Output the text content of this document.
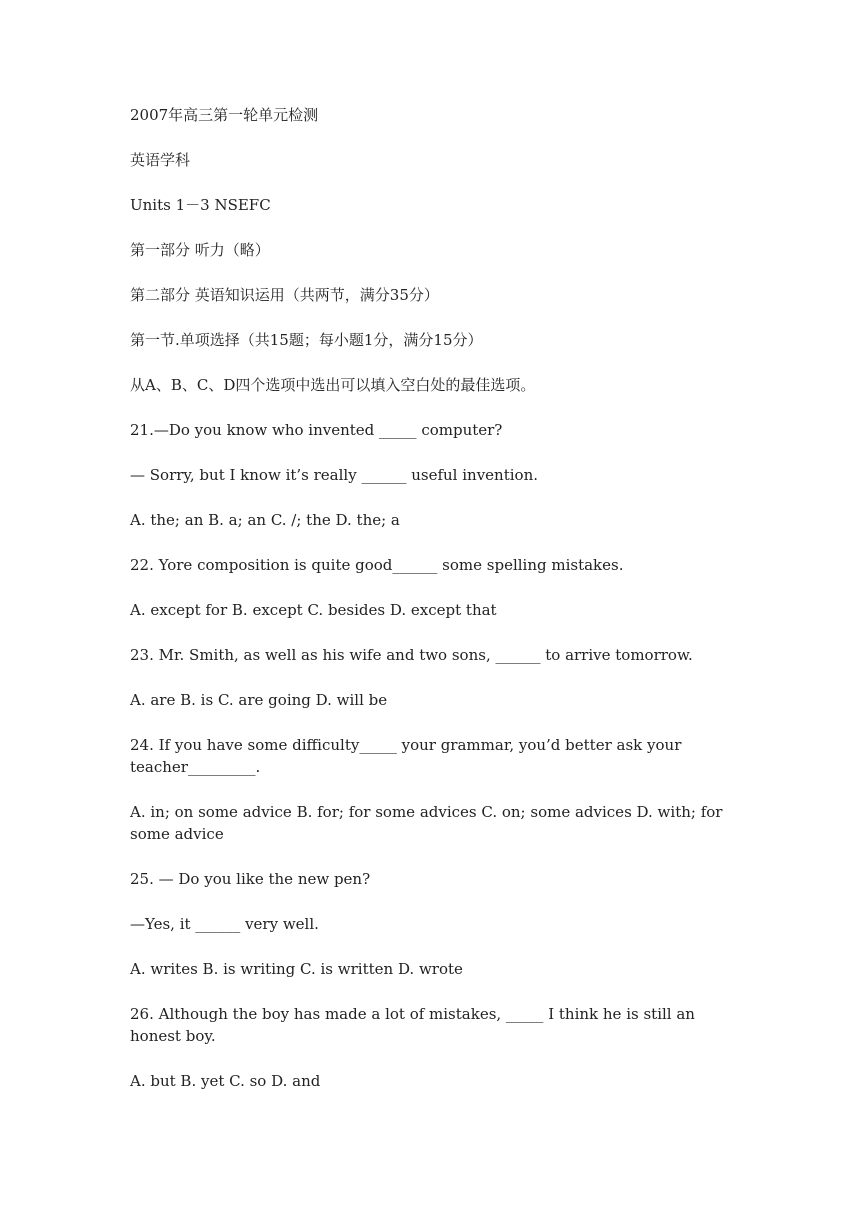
2007年高三第一轮单元检测

英语学科

Units 1－3 NSEFC

第一部分 听力（略）

第二部分 英语知识运用（共两节，满分35分）

第一节.单项选择（共15题；每小题1分，满分15分）

从A、B、C、D四个选项中选出可以填入空白处的最佳选项。

21.—Do you know who invented _____ computer?

— Sorry, but I know it’s really ______ useful invention.

A. the; an B. a; an C. /; the D. the; a

22. Yore composition is quite good______ some spelling mistakes.

A. except for B. except C. besides D. except that

23. Mr. Smith, as well as his wife and two sons, ______ to arrive tomorrow.

A. are B. is C. are going D. will be

24. If you have some difficulty_____ your grammar, you’d better ask your teacher_________.

A. in; on some advice B. for; for some advices C. on; some advices D. with; for some advice

25. — Do you like the new pen?

—Yes, it ______ very well.

A. writes B. is writing C. is written D. wrote

26. Although the boy has made a lot of mistakes, _____ I think he is still an honest boy.

A. but B. yet C. so D. and
